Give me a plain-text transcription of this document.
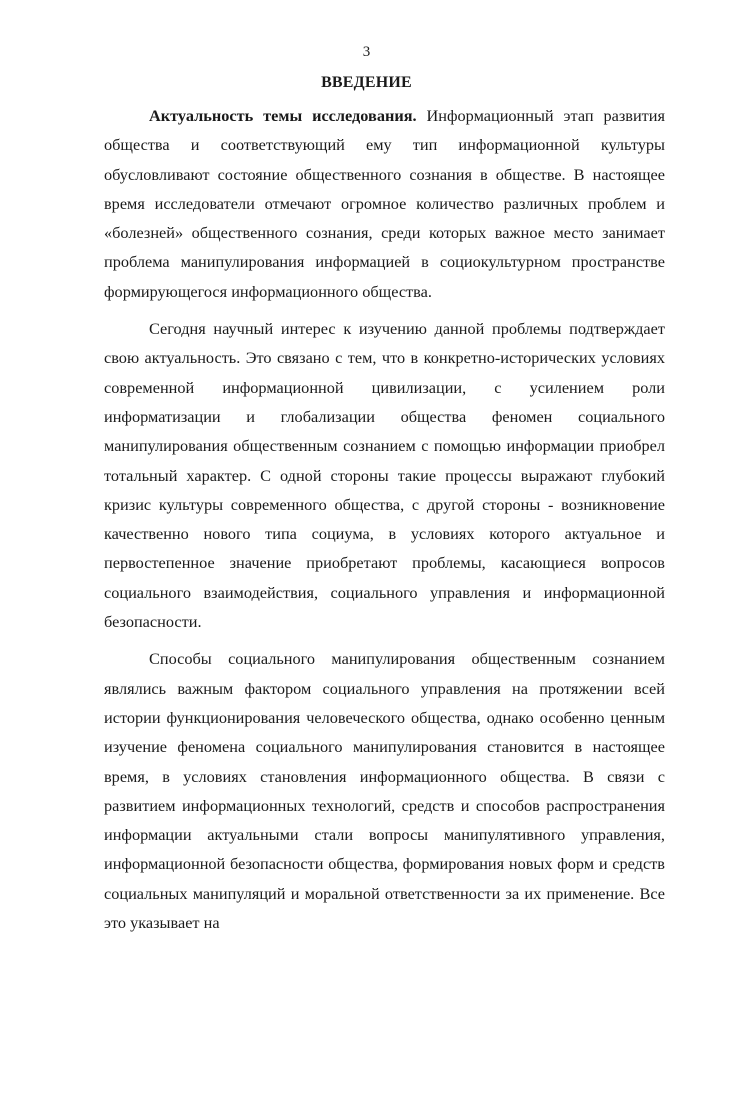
3
ВВЕДЕНИЕ

Актуальность темы исследования. Информационный этап развития общества и соответствующий ему тип информационной культуры обусловливают состояние общественного сознания в обществе. В настоящее время исследователи отмечают огромное количество различных проблем и «болезней» общественного сознания, среди которых важное место занимает проблема манипулирования информацией в социокультурном пространстве формирующегося информационного общества.

Сегодня научный интерес к изучению данной проблемы подтверждает свою актуальность. Это связано с тем, что в конкретно-исторических условиях современной информационной цивилизации, с усилением роли информатизации и глобализации общества феномен социального манипулирования общественным сознанием с помощью информации приобрел тотальный характер. С одной стороны такие процессы выражают глубокий кризис культуры современного общества, с другой стороны - возникновение качественно нового типа социума, в условиях которого актуальное и первостепенное значение приобретают проблемы, касающиеся вопросов социального взаимодействия, социального управления и информационной безопасности.

Способы социального манипулирования общественным сознанием являлись важным фактором социального управления на протяжении всей истории функционирования человеческого общества, однако особенно ценным изучение феномена социального манипулирования становится в настоящее время, в условиях становления информационного общества. В связи с развитием информационных технологий, средств и способов распространения информации актуальными стали вопросы манипулятивного управления, информационной безопасности общества, формирования новых форм и средств социальных манипуляций и моральной ответственности за их применение. Все это указывает на
